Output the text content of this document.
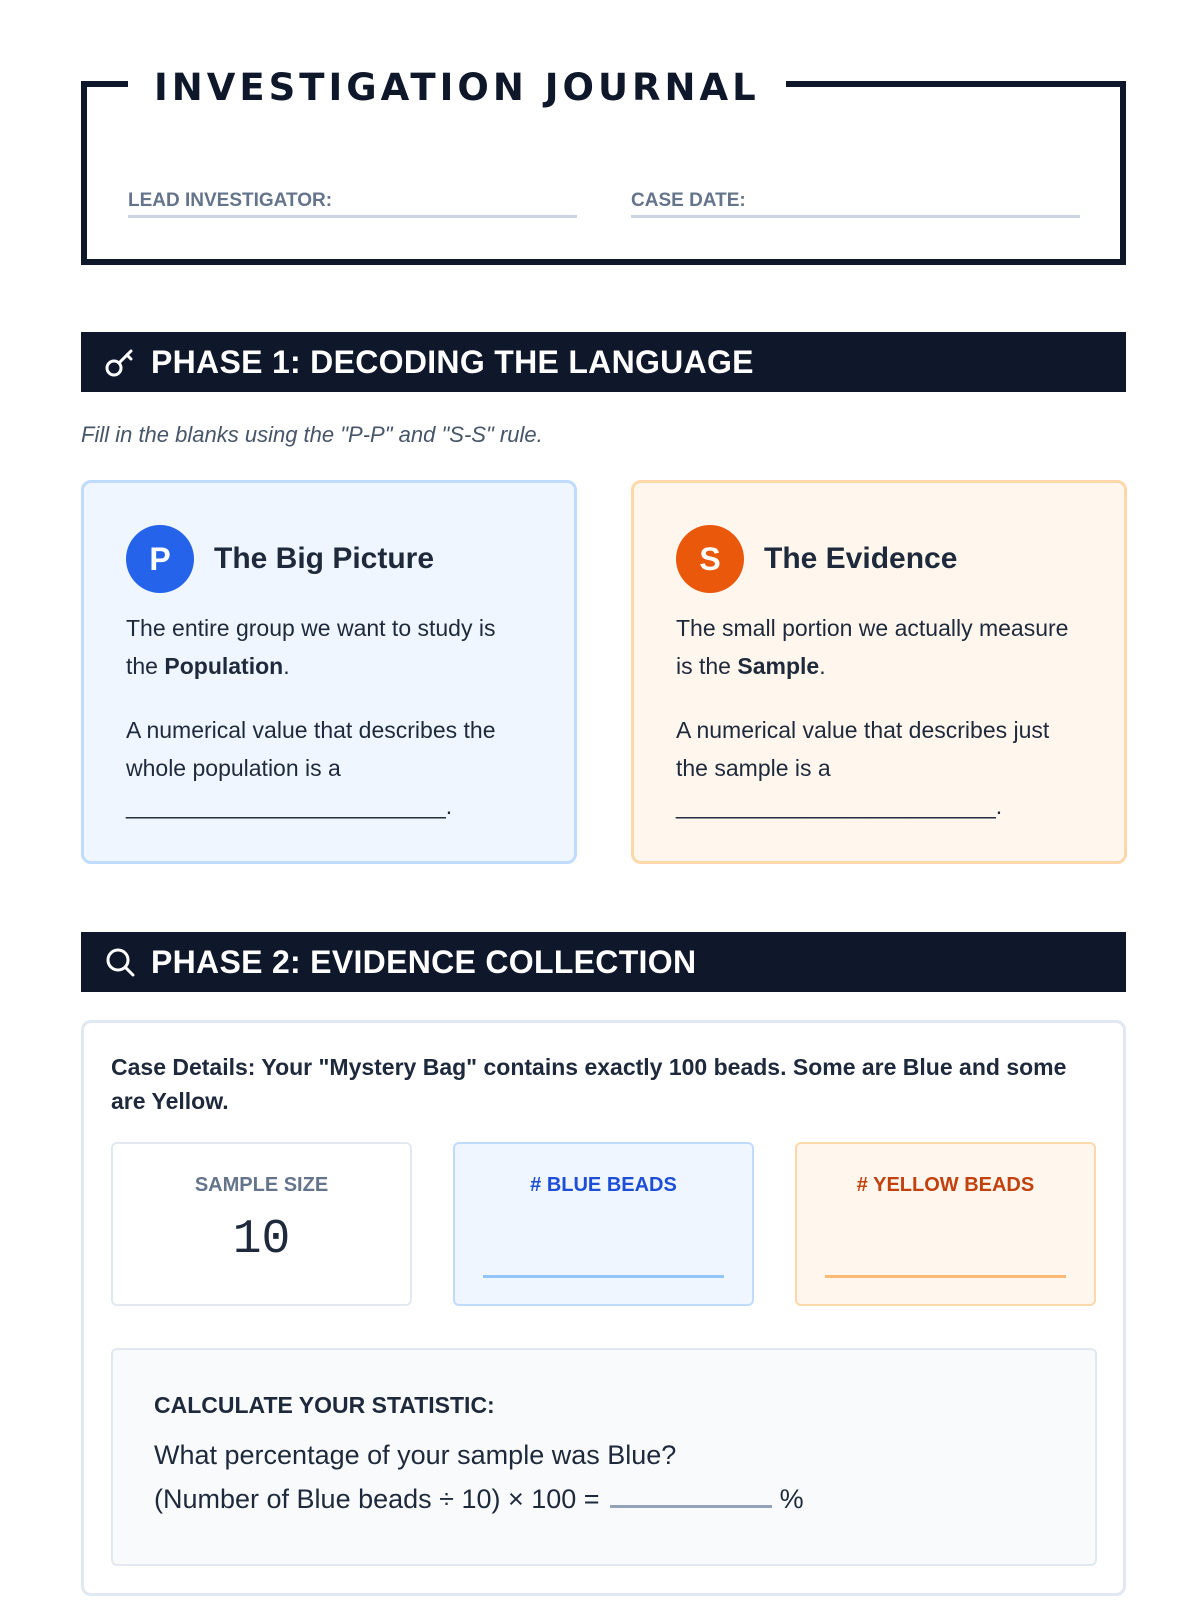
INVESTIGATION JOURNAL
LEAD INVESTIGATOR:	CASE DATE:
PHASE 1: DECODING THE LANGUAGE
Fill in the blanks using the "P-P" and "S-S" rule.
P	The Big Picture
The entire group we want to study is the Population.
A numerical value that describes the whole population is a
_________________________.
S	The Evidence
The small portion we actually measure is the Sample.
A numerical value that describes just the sample is a
_________________________.
PHASE 2: EVIDENCE COLLECTION
Case Details: Your "Mystery Bag" contains exactly 100 beads. Some are Blue and some are Yellow.
SAMPLE SIZE
10
# BLUE BEADS	# YELLOW BEADS
CALCULATE YOUR STATISTIC:
What percentage of your sample was Blue?
(Number of Blue beads ÷ 10) × 100 =	%
